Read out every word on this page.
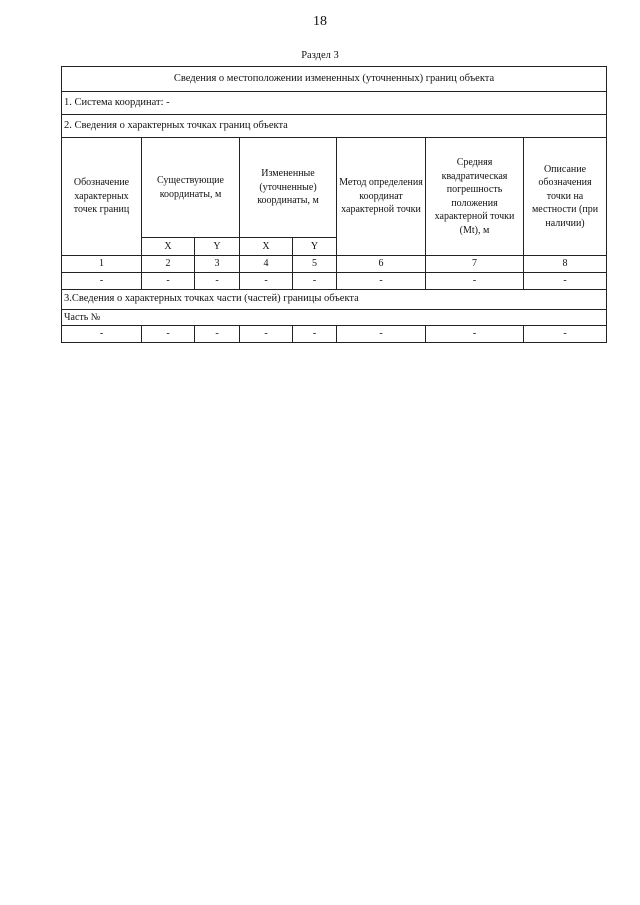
18
Раздел 3
Сведения о местоположении измененных (уточненных) границ объекта							
1. Система координат: -							
2. Сведения о характерных точках границ объекта							
Обозначение характерных точек границ	Существующие координаты, м		Измененные (уточненные) координаты, м		Метод определения координат характерной точки	Средняя квадратическая погрешность положения характерной точки (Mt), м	Описание обозначения точки на местности (при наличии)
	X	Y	X	Y			
1	2	3	4	5	6	7	8
-	-	-	-	-	-	-	-
3.Сведения о характерных точках части (частей) границы объекта							
Часть №							
-	-	-	-	-	-	-	-
